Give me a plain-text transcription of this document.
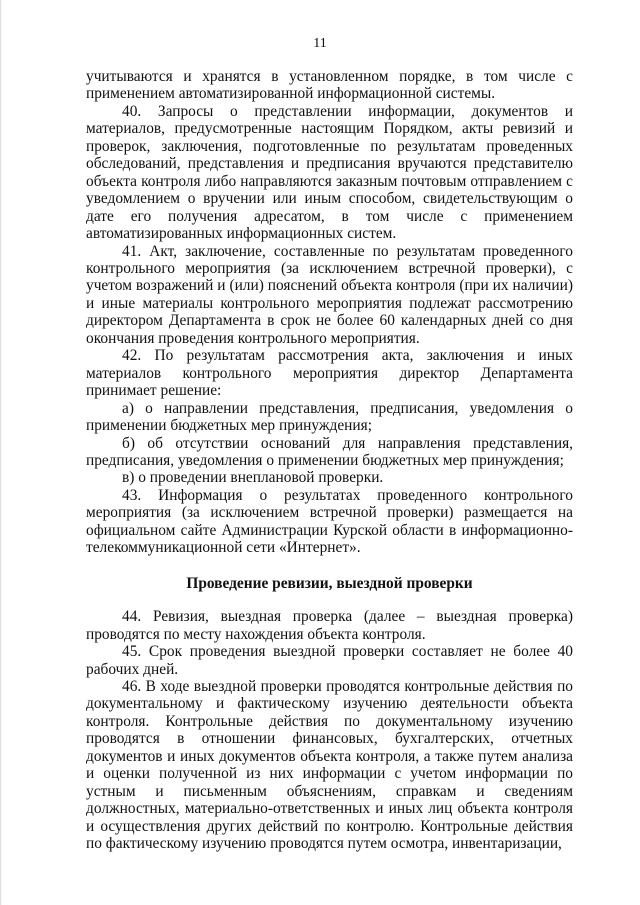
11

учитываются и хранятся в установленном порядке, в том числе с применением автоматизированной информационной системы.

40. Запросы о представлении информации, документов и материалов, предусмотренные настоящим Порядком, акты ревизий и проверок, заключения, подготовленные по результатам проведенных обследований, представления и предписания вручаются представителю объекта контроля либо направляются заказным почтовым отправлением с уведомлением о вручении или иным способом, свидетельствующим о дате его получения адресатом, в том числе с применением автоматизированных информационных систем.

41. Акт, заключение, составленные по результатам проведенного контрольного мероприятия (за исключением встречной проверки), с учетом возражений и (или) пояснений объекта контроля (при их наличии) и иные материалы контрольного мероприятия подлежат рассмотрению директором Департамента в срок не более 60 календарных дней со дня окончания проведения контрольного мероприятия.

42. По результатам рассмотрения акта, заключения и иных материалов контрольного мероприятия директор Департамента принимает решение:

а) о направлении представления, предписания, уведомления о применении бюджетных мер принуждения;

б) об отсутствии оснований для направления представления, предписания, уведомления о применении бюджетных мер принуждения;

в) о проведении внеплановой проверки.

43. Информация о результатах проведенного контрольного мероприятия (за исключением встречной проверки) размещается на официальном сайте Администрации Курской области в информационно-телекоммуникационной сети «Интернет».

Проведение ревизии, выездной проверки

44. Ревизия, выездная проверка (далее – выездная проверка) проводятся по месту нахождения объекта контроля.

45. Срок проведения выездной проверки составляет не более 40 рабочих дней.

46. В ходе выездной проверки проводятся контрольные действия по документальному и фактическому изучению деятельности объекта контроля. Контрольные действия по документальному изучению проводятся в отношении финансовых, бухгалтерских, отчетных документов и иных документов объекта контроля, а также путем анализа и оценки полученной из них информации с учетом информации по устным и письменным объяснениям, справкам и сведениям должностных, материально-ответственных и иных лиц объекта контроля и осуществления других действий по контролю. Контрольные действия по фактическому изучению проводятся путем осмотра, инвентаризации,
